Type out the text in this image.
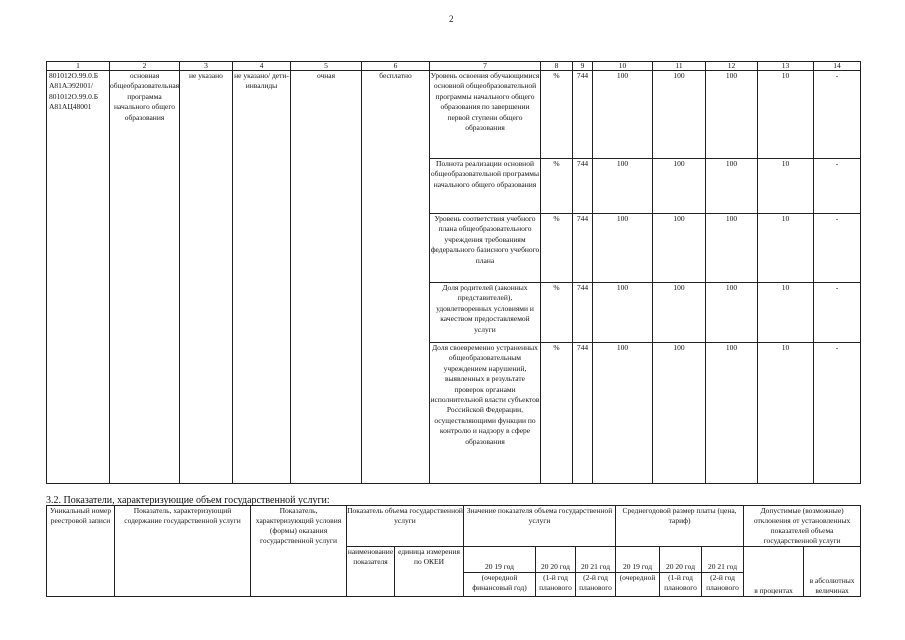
2
1	2	3	4	5	6	7	8	9	10	11	12	13	14
801012О.99.0.Б А81АЭ92001/ 801012О.99.0.Б А81АЦ48001	основная общеобразовательная программа начального общего образования	не указано	не указано/ дети-инвалиды	очная	бесплатно	Уровень освоения обучающимися основной общеобразовательной программы начального общего образования по завершении первой ступени общего образования	%	744	100	100	100	10	-
						Полнота реализации основной общеобразовательной программы начального общего образования	%	744	100	100	100	10	-
						Уровень соответствия учебного плана общеобразовательного учреждения требованиям федерального базисного учебного плана	%	744	100	100	100	10	-
						Доля родителей (законных представителей), удовлетворенных условиями и качеством предоставляемой услуги	%	744	100	100	100	10	-
						Доля своевременно устраненных общеобразовательным учреждением нарушений, выявленных в результате проверок органами исполнительной власти субъектов Российской Федерации, осуществляющими функции по контролю и надзору в сфере образования	%	744	100	100	100	10	-
3.2. Показатели, характеризующие объем государственной услуги:
Уникальный номер реестровой записи	Показатель, характеризующий содержание государственной услуги	Показатель, характеризующий условия (формы) оказания государственной услуги	Показатель объема государственной услуги		Значение показателя объема государственной услуги			Среднегодовой размер платы (цена, тариф)			Допустимые (возможные) отклонения от установленных показателей объема государственной услуги	
			наименование показателя	единица измерения по ОКЕИ	20 19 год	20 20 год	20 21 год	20 19 год	20 20 год	20 21 год	в процентах	в абсолютных величинах
					(очередной финансовый год)	(1-й год планового	(2-й год планового	(очередной	(1-й год планового	(2-й год планового		
